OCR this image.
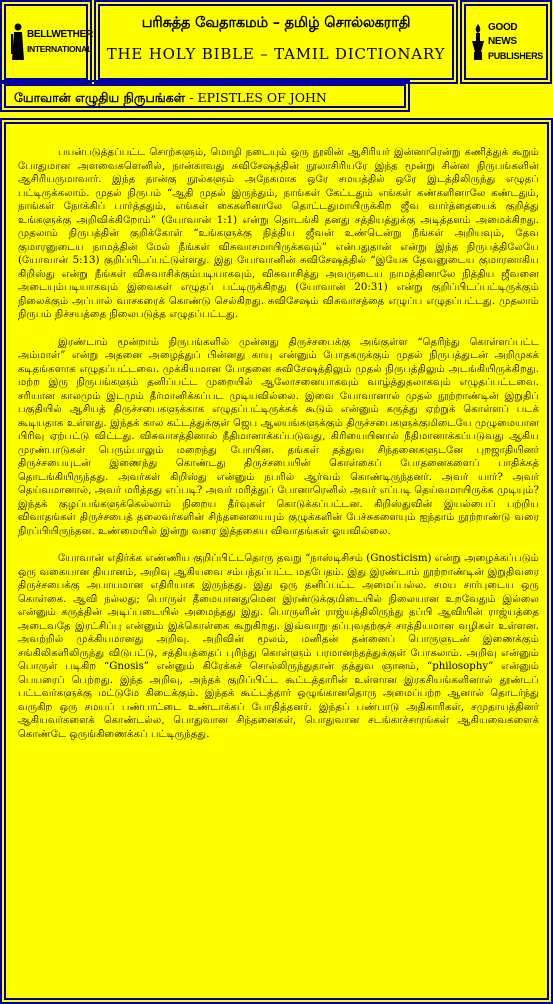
BELLWETHER
INTERNATIONAL
பரிசுத்த வேதாகமம் – தமிழ் சொல்லகராதி
THE HOLY BIBLE – TAMIL DICTIONARY
GOOD NEWS
PUBLISHERS
யோவான் எழுதிய நிருபங்கள் - EPISTLES OF JOHN

பயன்படுத்தப்பட்ட சொற்களும், மொழி நடையும் ஒரு நூலின் ஆசிரியர் இன்னாரென்று கணித்துக் கூறும் போதுமான அளவைகளெனில், நான்காவது சுவிசேஷத்தின் நூலாசிரியரே இந்த மூன்று சின்ன நிருபங்களின் ஆசிரியருமாவார். இந்த நான்கு நூல்களும் அநேகமாக ஒரே சமயத்தில் ஒரே இடத்திலிருந்து எழுதப் பட்டிருக்கலாம். முதல் நிருபம் “ஆதி முதல் இருந்தும், நாங்கள் கேட்டதும் எங்கள் கண்களினாலே கண்டதும், நாங்கள் நோக்கிப் பார்த்ததும், எங்கள் கைகளினாலே தொட்டதுமாயிருக்கிற ஜீவ வார்த்தையைக் குறித்து உங்களுக்கு அறிவிக்கிறோம்” (யோவான் 1:1) என்று தொடங்கி தனது சத்தியத்துக்கு அடித்தளம் அமைக்கிறது. முதலாம் நிருபத்தின் குறிக்கோள் “உங்களுக்கு நித்திய ஜீவன் உண்டென்று நீங்கள் அறியவும், தேவ குமாரனுடைய நாமத்தின் மேல் நீங்கள் விசுவாசமாயிருக்கவும்” என்பதுதான் என்று இந்த நிருபத்திலேயே (யோவான் 5:13) குறிப்பிடப்பட்டுள்ளது. இது யோவானின் சுவிசேஷத்தில் “இயேசு தேவனுடைய குமாரனாகிய கிறிஸ்து என்று நீங்கள் விசுவாசிக்கும்படியாகவும், விசுவாசித்து அவருடைய நாமத்தினாலே நித்திய ஜீவனை அடையும்படியாகவும் இவைகள் எழுதப் பட்டிருக்கிறது (யோவான் 20:31) என்று குறிப்பிடப்பட்டிருக்கும் நிலைக்கும் அப்பால் வாசகரைக் கொண்டு செல்கிறது. சுவிசேஷம் விசுவாசத்தை எழுப்ப எழுதப்பட்டது. முதலாம் நிருபம் நிச்சயத்தை நிலைபடுத்த எழுதப்பட்டது.

இரண்டாம் மூன்றாம் நிருபங்களில் முன்னது திருச்சபைக்கு அங்குள்ள “தெரிந்து கொள்ளப்பட்ட அம்மாள்” என்று அதனை அழைத்துப் பின்னது காயு என்னும் போதகருக்கும் முதல் நிருபத்துடன் அறிமுகக் கடிதங்களாக எழுதப்பட்டவை. முக்கியமான போதனை சுவிசேஷத்திலும் முதல் நிருபத்திலும் அடங்கியிருக்கிறது. மற்ற இரு நிருபங்களும் தனிப்பட்ட முறையில் ஆலோசனையாகவும் வாழ்த்துதலாகவும் எழுதப்பட்டவை. சரியான காலமும் இடமும் தீர்மானிக்கப்பட முடியவில்லை. இவை யோவானால் முதல் நூற்றாண்டின் இறுதிப் பகுதியில் ஆசியத் திருச்சபைகளுக்காக எழுதப்பட்டிருக்கக் கூடும் என்னும் கருத்து ஏற்றுக் கொள்ளப் படக் கூடியதாக உள்ளது. இந்தக் கால கட்டத்துக்குள் ஜெப ஆலயங்களுக்கும் திருச்சபைகளுக்குமிடையே முழுமையான பிரிவு ஏற்பட்டு விட்டது. விசுவாசத்தினால் நீதிமானாக்கப்படுவது, கிரியையினால் நீதிமானாக்கப்படுவது ஆகிய முரண்பாடுகள் பெரும்பாலும் மறைந்து போயின. தங்கள் தத்துவ சிந்தனைகளுடனே புறஜாதியினர் திருச்சபையுடன் இணைந்து கொண்டது திருச்சபையின் கொள்கைப் போதனைகளைப் பாதிக்கத் தொடங்கியிருந்தது. அவர்கள் கிறிஸ்து என்னும் நபரில் ஆர்வம் கொண்டிருந்தனர். அவர் யார்? அவர் தெய்வமானால், அவர் மரித்தது எப்படி? அவர் மரித்துப் போனாரெனில் அவர் எப்படி தெய்வமாயிருக்க முடியும்? இந்தக் குழப்பங்களுக்கெல்லாம் நிறைய தீர்வுகள் கொடுக்கப்பட்டன. கிறிஸ்துவின் இயல்பைப் பற்றிய விவாதங்கள் திருச்சபைத் தலைவர்களின் சிந்தனையையும் குழுக்களின் பேச்சுகளையும் ஐந்தாம் நூற்றாண்டு வரை நிரப்பியிருந்தன. உண்மையில் இன்று வரை இத்தகைய விவாதங்கள் ஓயவில்லை.

யோவான் எதிர்க்க எண்ணிய குறிப்பிட்டதொரு தவறு “நாஸ்டிசிசம் (Gnosticism) என்று அழைக்கப்படும் ஒரு வகையான தியானம், அறிவு ஆகியவை சம்பந்தப்பட்ட மதபேதம். இது இரண்டாம் நூற்றாண்டின் இறுதிவரை திருச்சபைக்கு அபாயமான எதிரியாக இருந்தது. இது ஒரு தனிப்பட்ட அமைப்பல்ல. சமய சார்புடைய ஒரு கொள்கை. ஆவி நல்லது; பொருள் தீமையானதுமென இரண்டுக்குமிடையில் நிலையான உறவேதும் இல்லை என்னும் கருத்தின் அடிப்படையில் அமைந்தது இது. பொருளின் ராஜ்யத்திலிருந்து தப்பி ஆவியின் ராஜ்யத்தை அடைவதே இரட்சிப்பு என்னும் இக்கொள்கை கூறுகிறது. இவ்வாறு தப்புவதற்குச் சாத்தியமான வழிகள் உள்ளன. அவற்றில் முக்கியமானது அறிவு. அறிவின் மூலம், மனிதன் தன்னைப் பொருளுடன் இணைக்கும் சங்கிலிகளிலிருந்து விடுபட்டு, சத்தியத்தைப் புரிந்து கொள்ளும் பரமானந்தத்துக்குள் போகலாம். அறிவு என்னும் பொருள் படிகிற “Gnosis” என்னும் கிரேக்கச் சொல்லிருந்துதான் தத்துவ ஞானம், “philosophy” என்னும் பெயரைப் பெற்றது. இந்த அறிவு, அந்தக் குறிப்பிட்ட கூட்டத்தாரின் உள்ளான இரகசியங்களினால் தூண்டப் பட்டவர்களுக்கு மட்டுமே கிடைக்கும். இந்தக் கூட்டத்தார் ஒழுங்கானதொரு அமைப்பற்ற ஆனால் தொடர்ந்து வருகிற ஒரு சமயப் பண்பாட்டை உண்டாக்கப் போதித்தனர். இந்தப் பண்பாடு அதிகாரிகள், சமுதாயத்தினர் ஆகியவர்களைக் கொண்டல்ல, பொதுவான சிந்தனைகள், பொதுவான சடங்காச்சாரங்கள் ஆகியவைகளைக் கொண்டே ஒருங்கிணைக்கப் பட்டிருந்தது.
